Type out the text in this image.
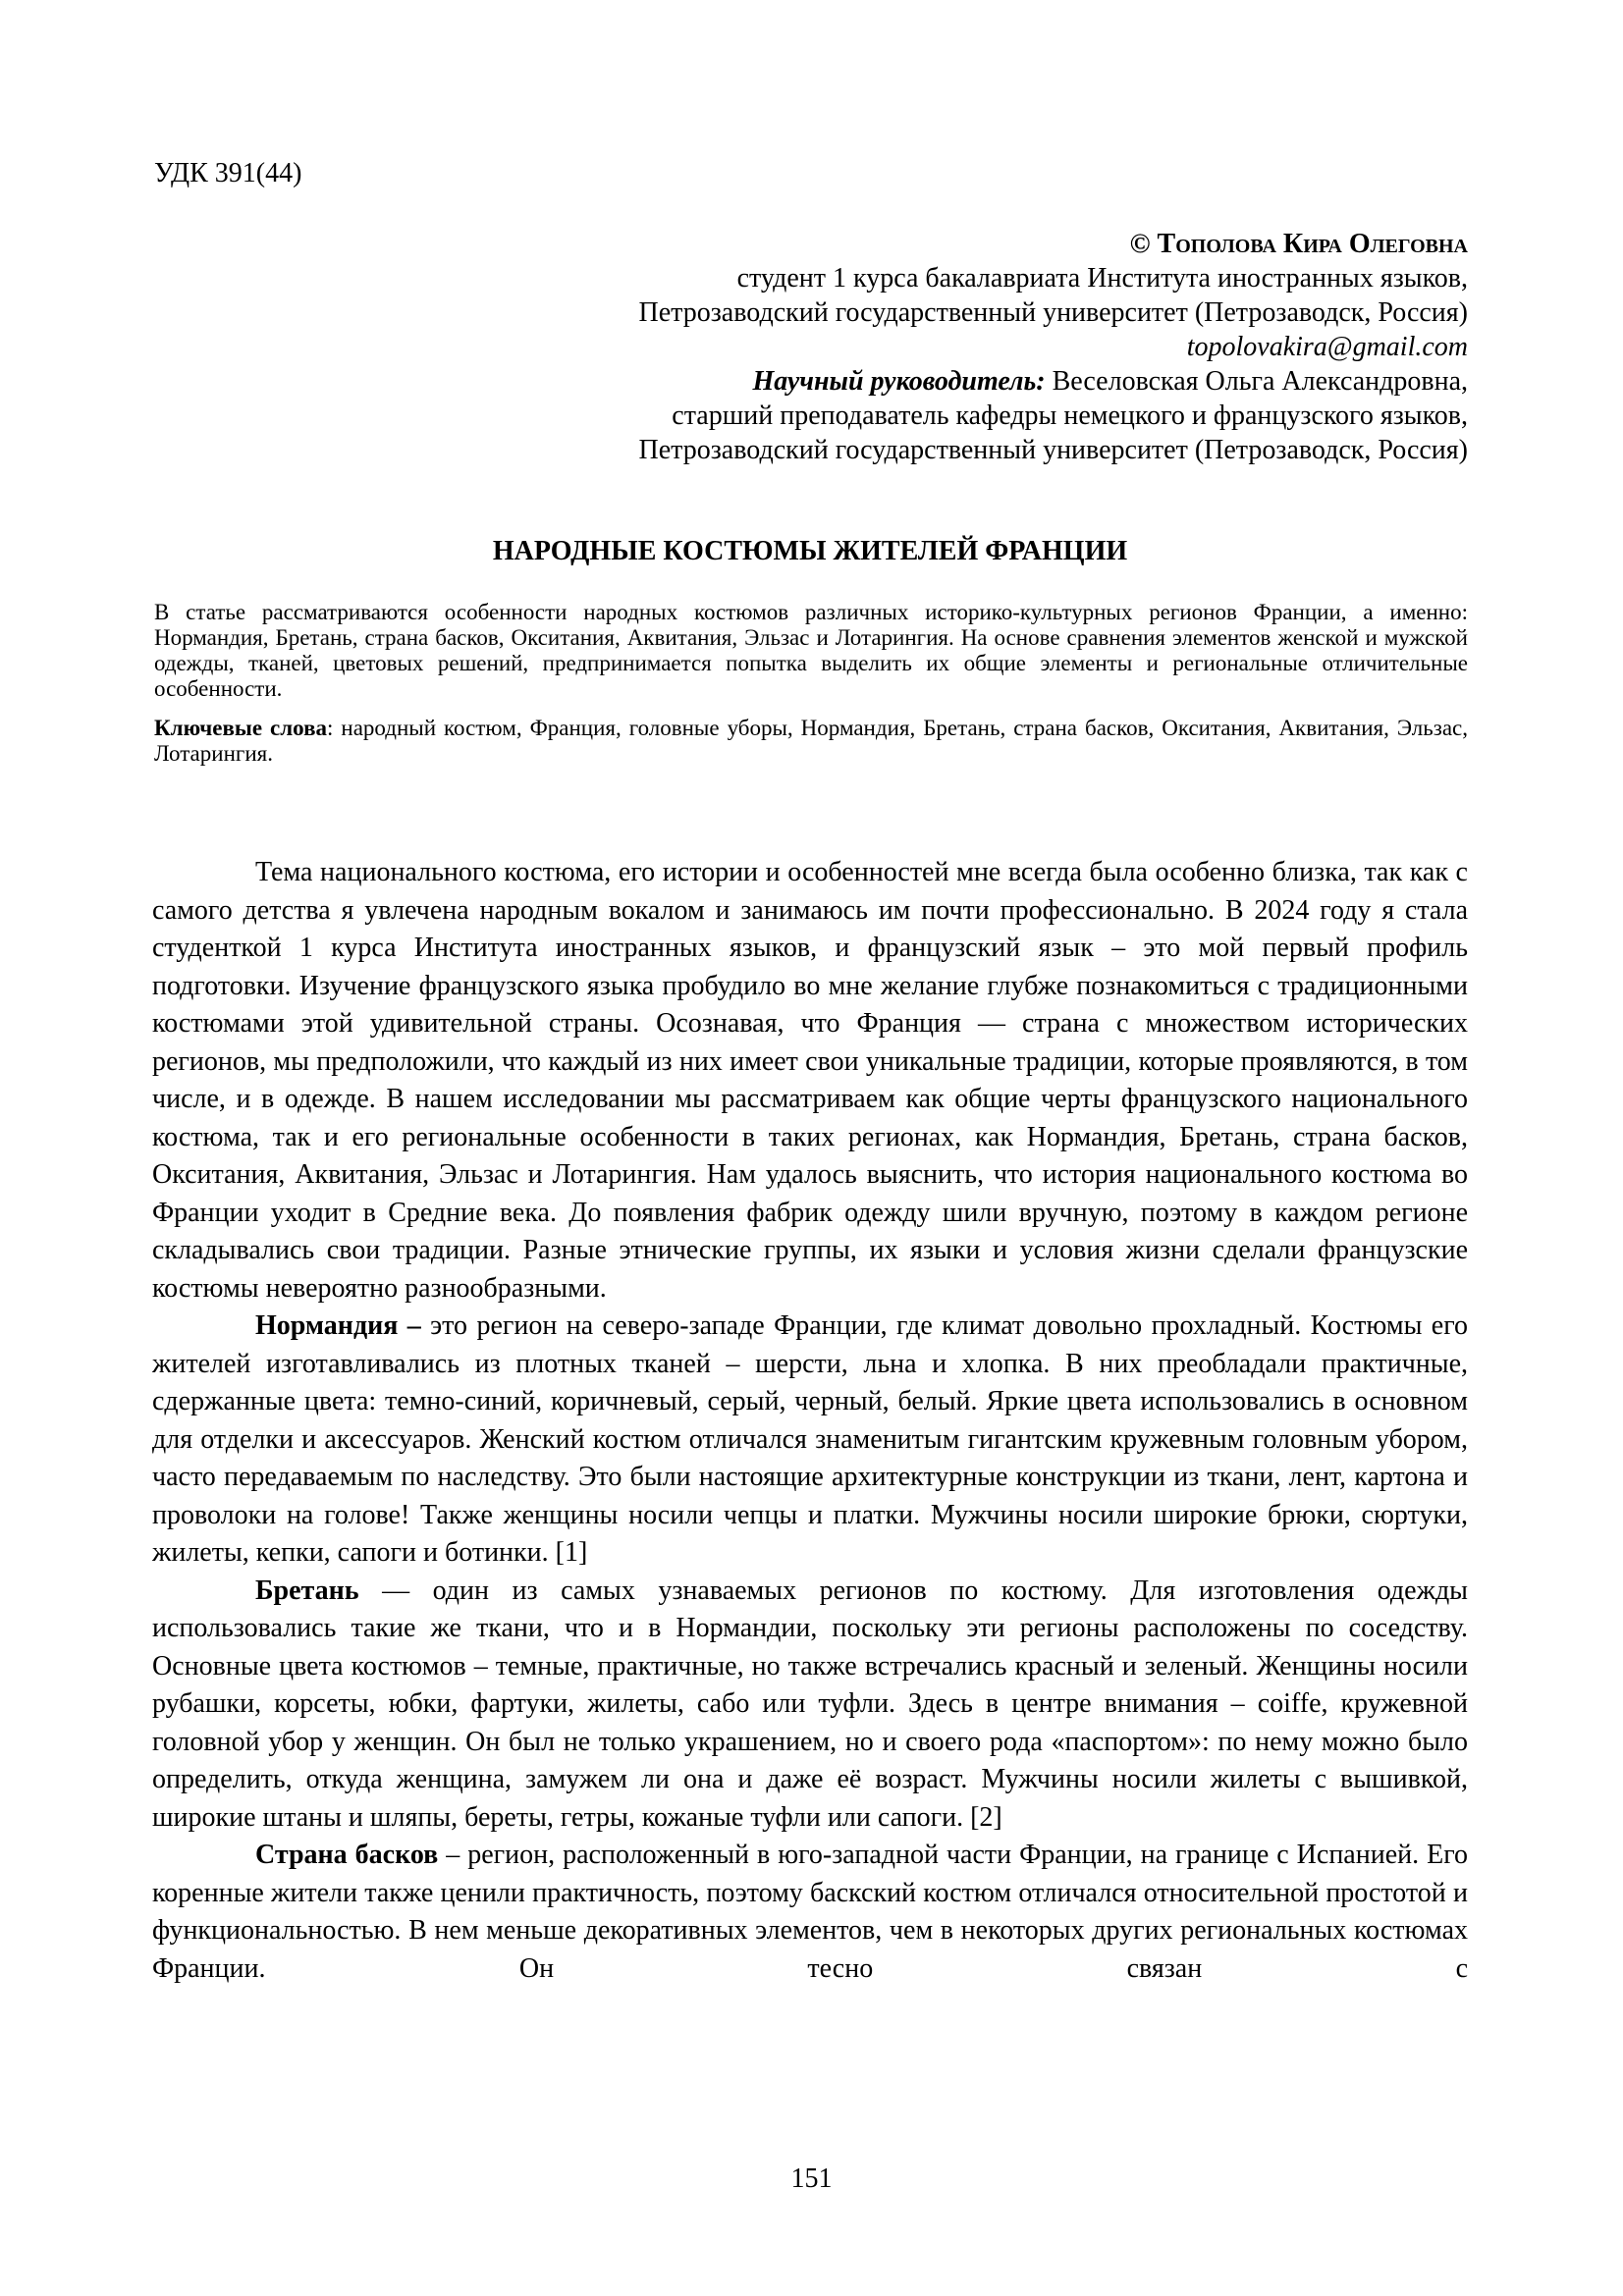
УДК 391(44)
© Тополова Кира Олеговна
студент 1 курса бакалавриата Института иностранных языков,
Петрозаводский государственный университет (Петрозаводск, Россия)
topolovakira@gmail.com
Научный руководитель: Веселовская Ольга Александровна,
старший преподаватель кафедры немецкого и французского языков,
Петрозаводский государственный университет (Петрозаводск, Россия)
НАРОДНЫЕ КОСТЮМЫ ЖИТЕЛЕЙ ФРАНЦИИ

В статье рассматриваются особенности народных костюмов различных историко-культурных регионов Франции, а именно: Нормандия, Бретань, страна басков, Окситания, Аквитания, Эльзас и Лотарингия. На основе сравнения элементов женской и мужской одежды, тканей, цветовых решений, предпринимается попытка выделить их общие элементы и региональные отличительные особенности.

Ключевые слова: народный костюм, Франция, головные уборы, Нормандия, Бретань, страна басков, Окситания, Аквитания, Эльзас, Лотарингия.

Тема национального костюма, его истории и особенностей мне всегда была особенно близка, так как с самого детства я увлечена народным вокалом и занимаюсь им почти профессионально. В 2024 году я стала студенткой 1 курса Института иностранных языков, и французский язык – это мой первый профиль подготовки. Изучение французского языка пробудило во мне желание глубже познакомиться с традиционными костюмами этой удивительной страны. Осознавая, что Франция — страна с множеством исторических регионов, мы предположили, что каждый из них имеет свои уникальные традиции, которые проявляются, в том числе, и в одежде. В нашем исследовании мы рассматриваем как общие черты французского национального костюма, так и его региональные особенности в таких регионах, как Нормандия, Бретань, страна басков, Окситания, Аквитания, Эльзас и Лотарингия. Нам удалось выяснить, что история национального костюма во Франции уходит в Средние века. До появления фабрик одежду шили вручную, поэтому в каждом регионе складывались свои традиции. Разные этнические группы, их языки и условия жизни сделали французские костюмы невероятно разнообразными.

Нормандия – это регион на северо-западе Франции, где климат довольно прохладный. Костюмы его жителей изготавливались из плотных тканей – шерсти, льна и хлопка. В них преобладали практичные, сдержанные цвета: темно-синий, коричневый, серый, черный, белый. Яркие цвета использовались в основном для отделки и аксессуаров. Женский костюм отличался знаменитым гигантским кружевным головным убором, часто передаваемым по наследству. Это были настоящие архитектурные конструкции из ткани, лент, картона и проволоки на голове! Также женщины носили чепцы и платки. Мужчины носили широкие брюки, сюртуки, жилеты, кепки, сапоги и ботинки. [1]

Бретань — один из самых узнаваемых регионов по костюму. Для изготовления одежды использовались такие же ткани, что и в Нормандии, поскольку эти регионы расположены по соседству. Основные цвета костюмов – темные, практичные, но также встречались красный и зеленый. Женщины носили рубашки, корсеты, юбки, фартуки, жилеты, сабо или туфли. Здесь в центре внимания – coiffe, кружевной головной убор у женщин. Он был не только украшением, но и своего рода «паспортом»: по нему можно было определить, откуда женщина, замужем ли она и даже её возраст. Мужчины носили жилеты с вышивкой, широкие штаны и шляпы, береты, гетры, кожаные туфли или сапоги. [2]

Страна басков – регион, расположенный в юго-западной части Франции, на границе с Испанией. Его коренные жители также ценили практичность, поэтому баскский костюм отличался относительной простотой и функциональностью. В нем меньше декоративных элементов, чем в некоторых других региональных костюмах Франции. Он тесно связан с

151
